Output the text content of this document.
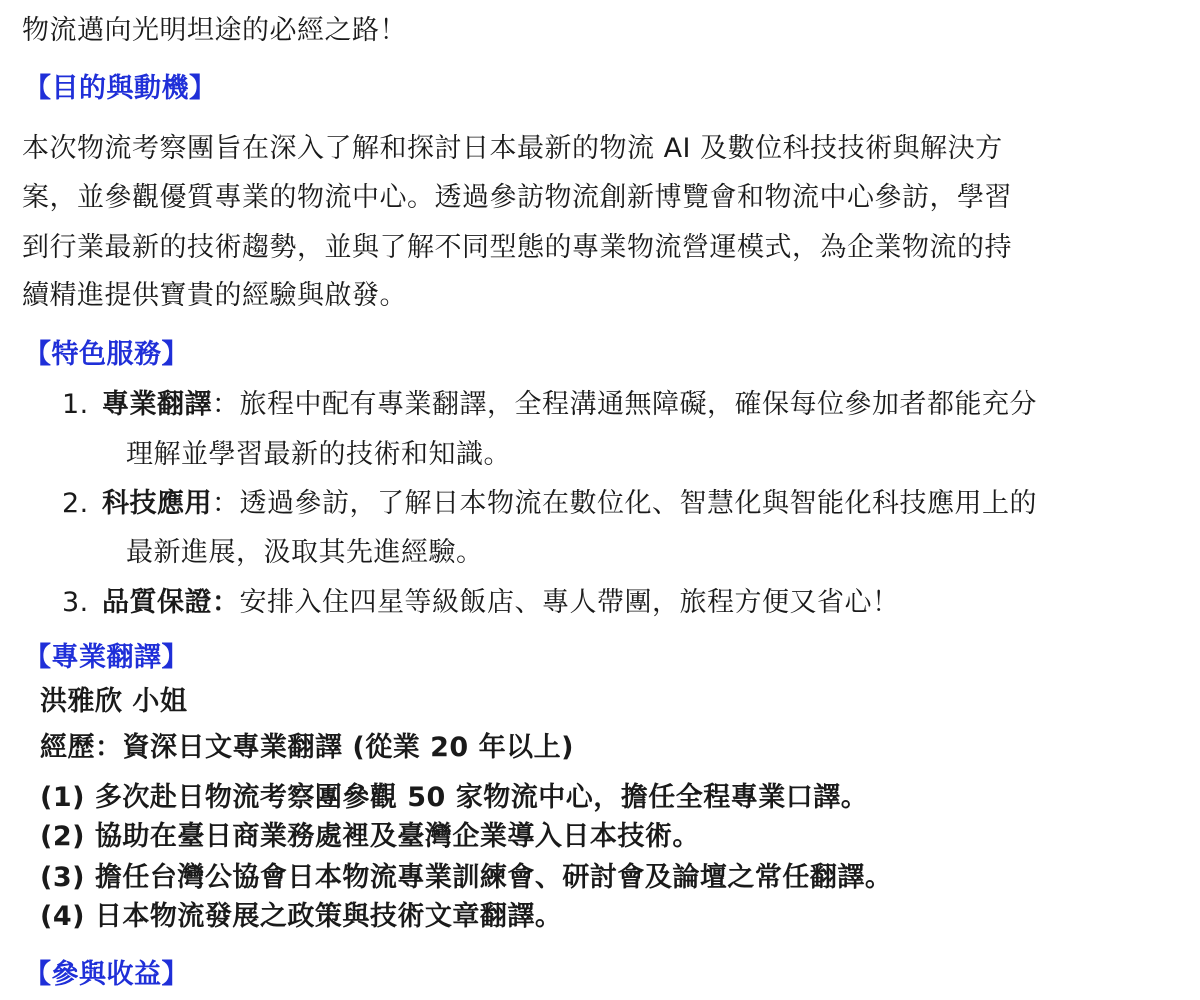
物流邁向光明坦途的必經之路！
【目的與動機】
本次物流考察團旨在深入了解和探討日本最新的物流 AI 及數位科技技術與解決方
案，並參觀優質專業的物流中心。透過參訪物流創新博覽會和物流中心參訪，學習
到行業最新的技術趨勢，並與了解不同型態的專業物流營運模式，為企業物流的持
續精進提供寶貴的經驗與啟發。
【特色服務】
1. 專業翻譯：旅程中配有專業翻譯，全程溝通無障礙，確保每位參加者都能充分
理解並學習最新的技術和知識。
2. 科技應用：透過參訪，了解日本物流在數位化、智慧化與智能化科技應用上的
最新進展，汲取其先進經驗。
3. 品質保證：安排入住四星等級飯店、專人帶團，旅程方便又省心！
【專業翻譯】
洪雅欣 小姐
經歷：資深日文專業翻譯 (從業 20 年以上)
(1) 多次赴日物流考察團參觀 50 家物流中心，擔任全程專業口譯。
(2) 協助在臺日商業務處裡及臺灣企業導入日本技術。
(3) 擔任台灣公協會日本物流專業訓練會、研討會及論壇之常任翻譯。
(4) 日本物流發展之政策與技術文章翻譯。
【參與收益】
